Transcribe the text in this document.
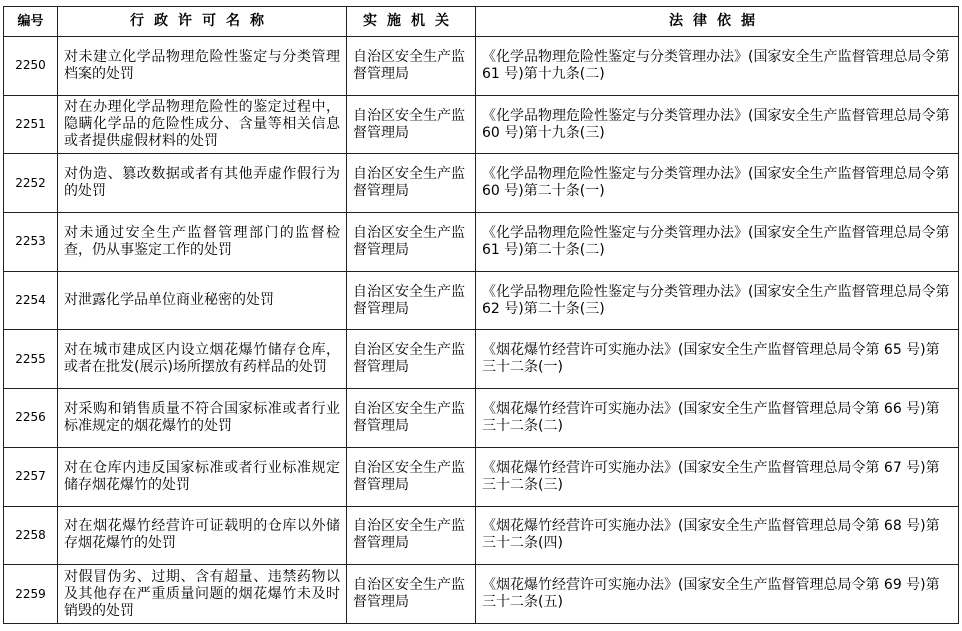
编号	行政许可名称	实施机关	法律依据
2250	对未建立化学品物理危险性鉴定与分类管理档案的处罚	自治区安全生产监督管理局	《化学品物理危险性鉴定与分类管理办法》(国家安全生产监督管理总局令第 61 号)第十九条(二)
2251	对在办理化学品物理危险性的鉴定过程中，隐瞒化学品的危险性成分、含量等相关信息或者提供虚假材料的处罚	自治区安全生产监督管理局	《化学品物理危险性鉴定与分类管理办法》(国家安全生产监督管理总局令第 60 号)第十九条(三)
2252	对伪造、篡改数据或者有其他弄虚作假行为的处罚	自治区安全生产监督管理局	《化学品物理危险性鉴定与分类管理办法》(国家安全生产监督管理总局令第 60 号)第二十条(一)
2253	对未通过安全生产监督管理部门的监督检查，仍从事鉴定工作的处罚	自治区安全生产监督管理局	《化学品物理危险性鉴定与分类管理办法》(国家安全生产监督管理总局令第 61 号)第二十条(二)
2254	对泄露化学品单位商业秘密的处罚	自治区安全生产监督管理局	《化学品物理危险性鉴定与分类管理办法》(国家安全生产监督管理总局令第 62 号)第二十条(三)
2255	对在城市建成区内设立烟花爆竹储存仓库，或者在批发(展示)场所摆放有药样品的处罚	自治区安全生产监督管理局	《烟花爆竹经营许可实施办法》(国家安全生产监督管理总局令第 65 号)第三十二条(一)
2256	对采购和销售质量不符合国家标准或者行业标准规定的烟花爆竹的处罚	自治区安全生产监督管理局	《烟花爆竹经营许可实施办法》(国家安全生产监督管理总局令第 66 号)第三十二条(二)
2257	对在仓库内违反国家标准或者行业标准规定储存烟花爆竹的处罚	自治区安全生产监督管理局	《烟花爆竹经营许可实施办法》(国家安全生产监督管理总局令第 67 号)第三十二条(三)
2258	对在烟花爆竹经营许可证载明的仓库以外储存烟花爆竹的处罚	自治区安全生产监督管理局	《烟花爆竹经营许可实施办法》(国家安全生产监督管理总局令第 68 号)第三十二条(四)
2259	对假冒伪劣、过期、含有超量、违禁药物以及其他存在严重质量问题的烟花爆竹未及时销毁的处罚	自治区安全生产监督管理局	《烟花爆竹经营许可实施办法》(国家安全生产监督管理总局令第 69 号)第三十二条(五)
